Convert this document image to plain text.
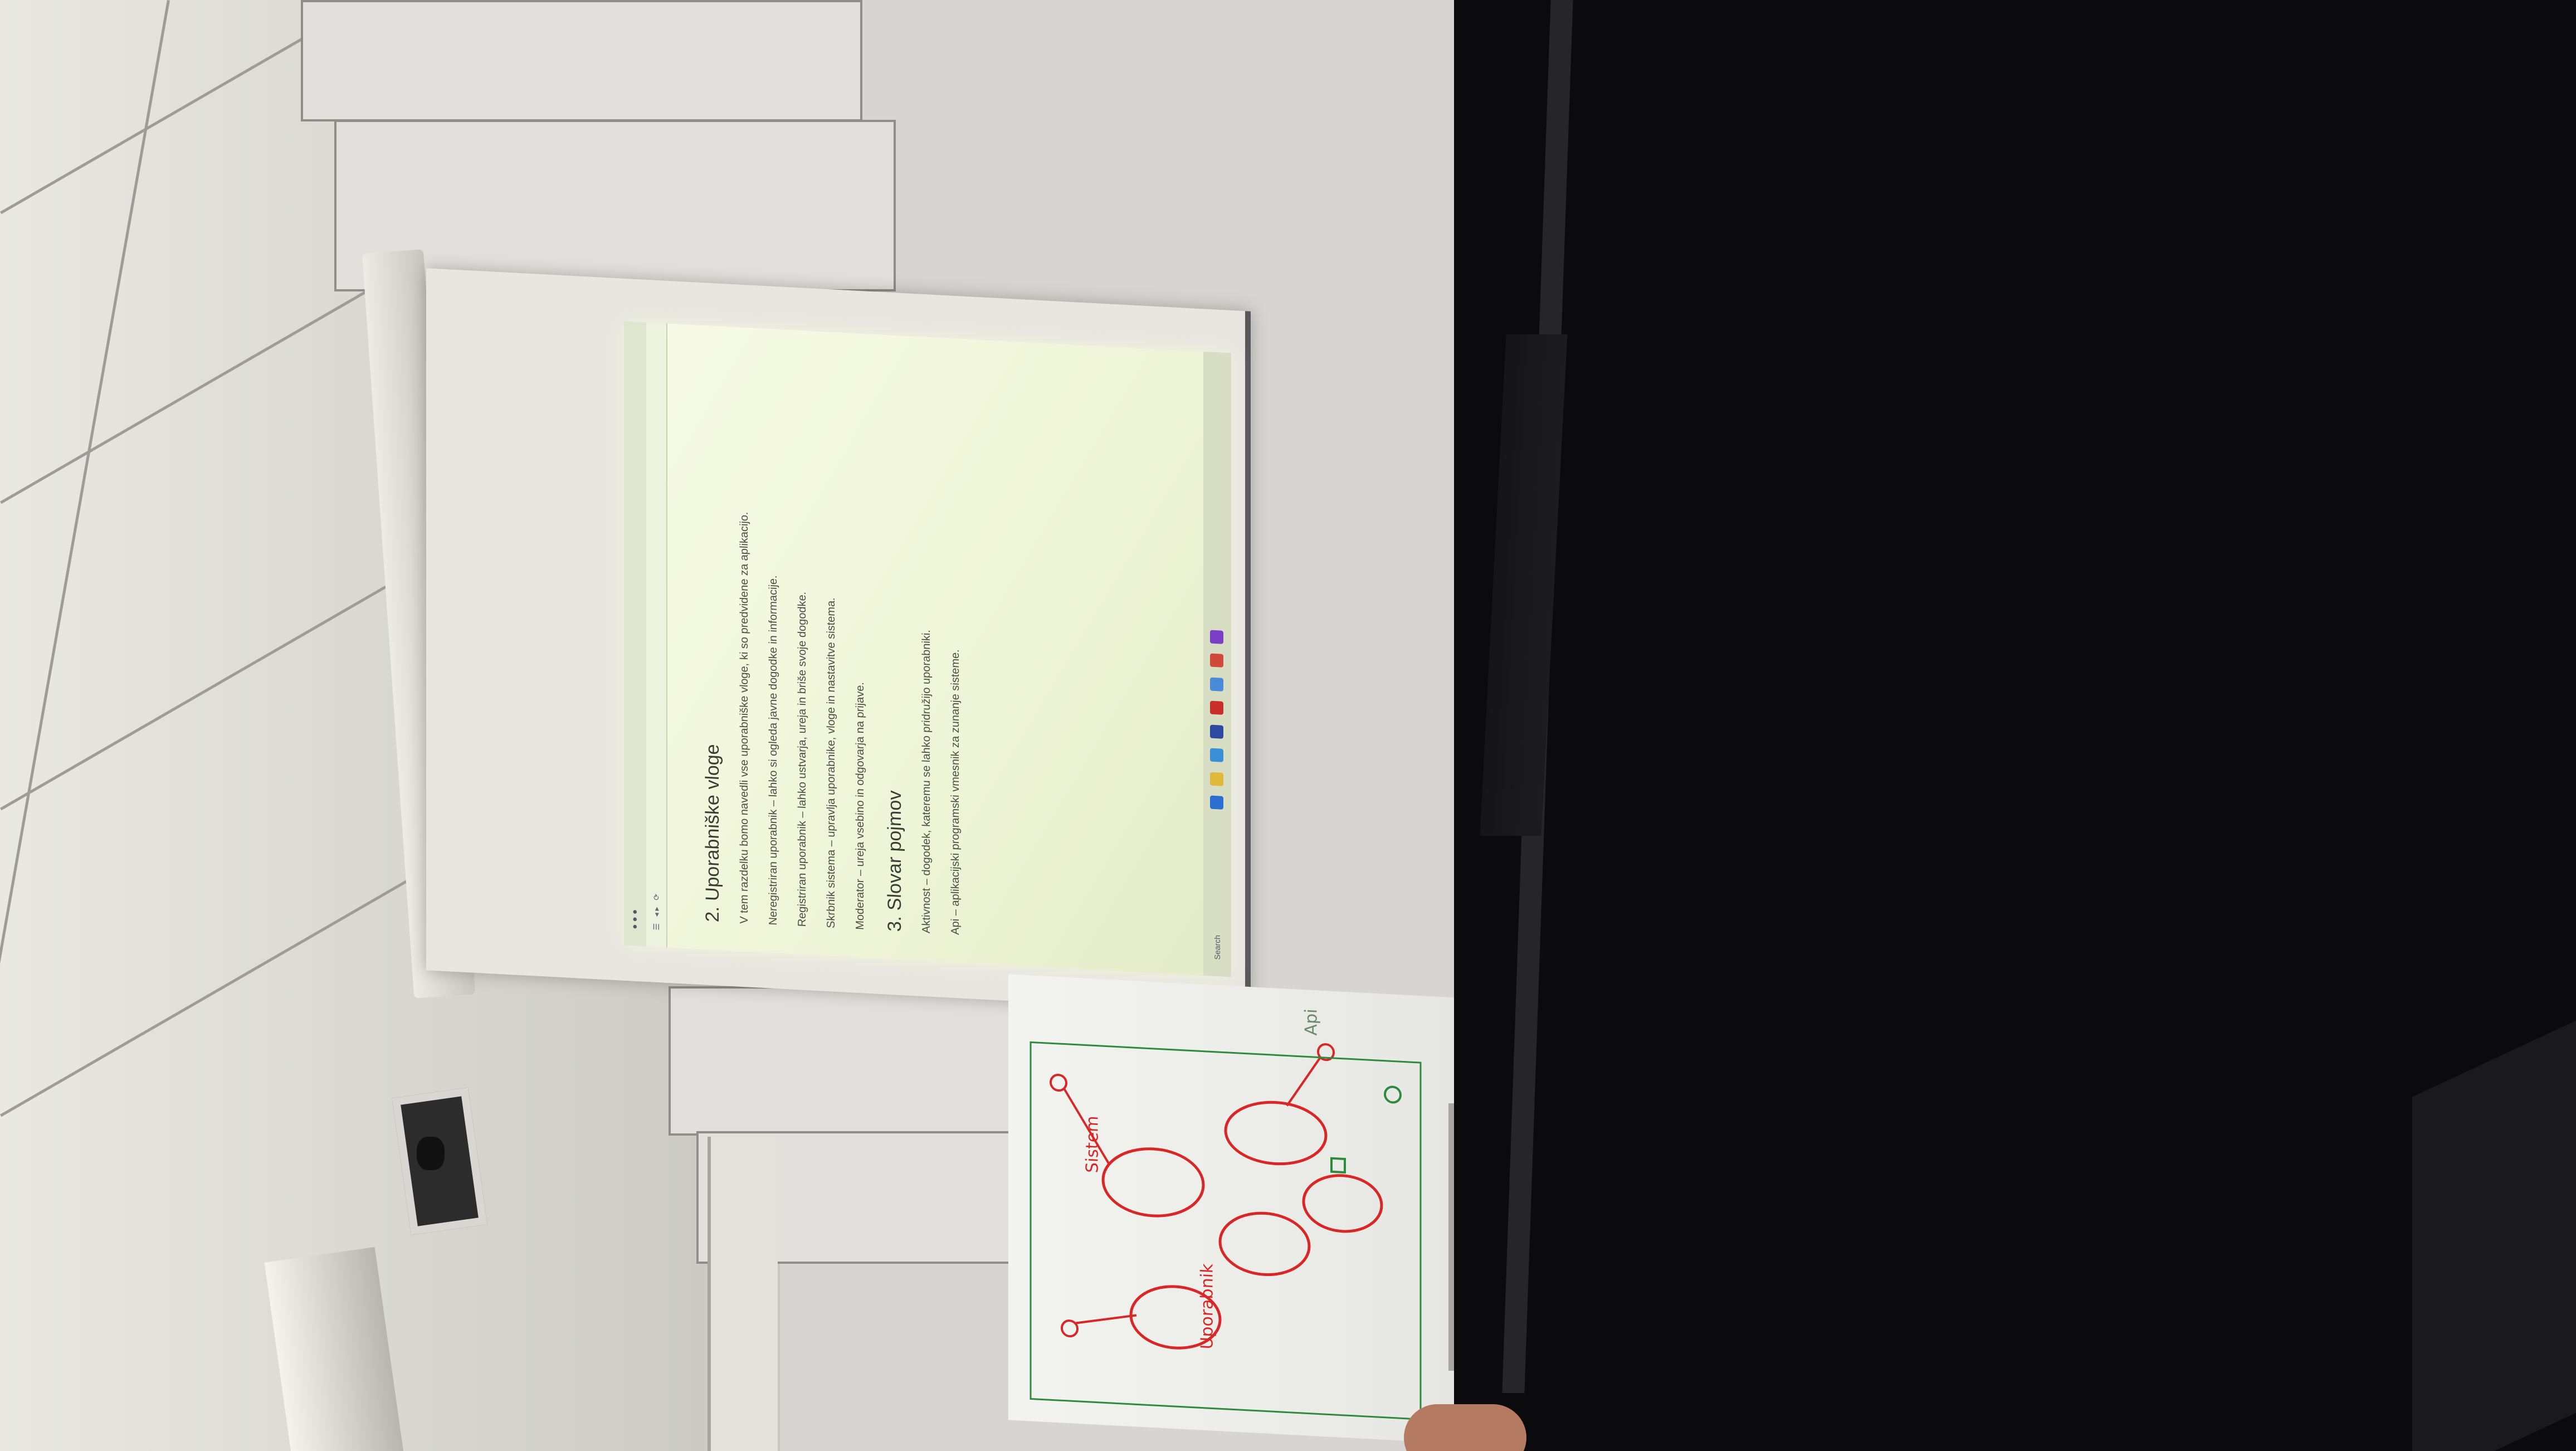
● ● ●	☰   ◂ ▸   ⟳	2. Uporabniške vloge V tem razdelku bomo navedli vse uporabniške vloge, ki so predvidene za aplikacijo. Neregistriran uporabnik – lahko si ogleda javne dogodke in informacije. Registriran uporabnik – lahko ustvarja, ureja in briše svoje dogodke. Skrbnik sistema – upravlja uporabnike, vloge in nastavitve sistema. Moderator – ureja vsebino in odgovarja na prijave. 3. Slovar pojmov Aktivnost – dogodek, kateremu se lahko pridružijo uporabniki. Api – aplikacijski programski vmesnik za zunanje sisteme.

Search

Api
Sistem
Uporabnik
